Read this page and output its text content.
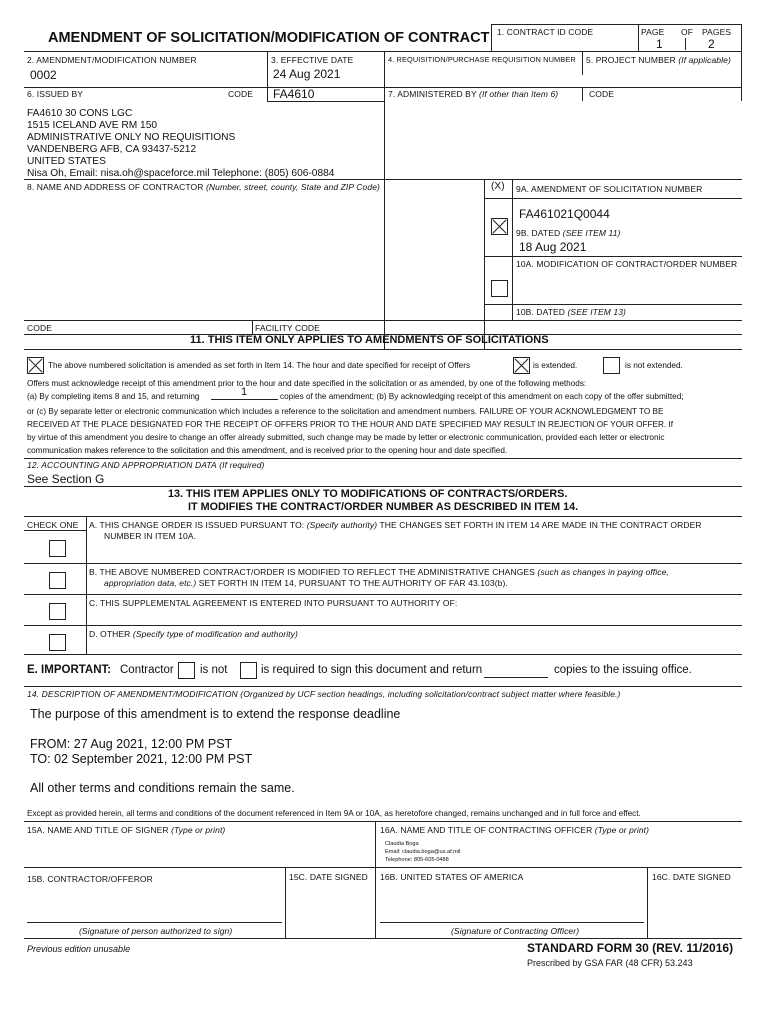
AMENDMENT OF SOLICITATION/MODIFICATION OF CONTRACT 1. CONTRACT ID CODE	PAGE OF PAGES
1	2
2. AMENDMENT/MODIFICATION NUMBER
0002
3. EFFECTIVE DATE
24 Aug 2021
4. REQUISITION/PURCHASE REQUISITION NUMBER 5. PROJECT NUMBER (If applicable)
6. ISSUED BY	CODE FA4610	7. ADMINISTERED BY (If other than Item 6)	CODE
FA4610 30 CONS LGC
1515 ICELAND AVE RM 150
ADMINISTRATIVE ONLY NO REQUISITIONS
VANDENBERG AFB, CA 93437-5212
UNITED STATES
Nisa Oh, Email: nisa.oh@spaceforce.mil Telephone: (805) 606-0884
8. NAME AND ADDRESS OF CONTRACTOR (Number, street, county, State and ZIP Code)	(X) 9A. AMENDMENT OF SOLICITATION NUMBER
FA461021Q0044
9B. DATED (SEE ITEM 11)
18 Aug 2021
10A. MODIFICATION OF CONTRACT/ORDER NUMBER
10B. DATED (SEE ITEM 13)
CODE	FACILITY CODE
11. THIS ITEM ONLY APPLIES TO AMENDMENTS OF SOLICITATIONS
The above numbered solicitation is amended as set forth in Item 14. The hour and date specified for receipt of Offers	is extended.	is not extended.
Offers must acknowledge receipt of this amendment prior to the hour and date specified in the solicitation or as amended, by one of the following methods:
(a) By completing items 8 and 15, and returning	1	copies of the amendment; (b) By acknowledging receipt of this amendment on each copy of the offer submitted;
or (c) By separate letter or electronic communication which includes a reference to the solicitation and amendment numbers. FAILURE OF YOUR ACKNOWLEDGMENT TO BE
RECEIVED AT THE PLACE DESIGNATED FOR THE RECEIPT OF OFFERS PRIOR TO THE HOUR AND DATE SPECIFIED MAY RESULT IN REJECTION OF YOUR OFFER. If
by virtue of this amendment you desire to change an offer already submitted, such change may be made by letter or electronic communication, provided each letter or electronic
communication makes reference to the solicitation and this amendment, and is received prior to the opening hour and date specified.
12. ACCOUNTING AND APPROPRIATION DATA (If required)
See Section G
13. THIS ITEM APPLIES ONLY TO MODIFICATIONS OF CONTRACTS/ORDERS.
IT MODIFIES THE CONTRACT/ORDER NUMBER AS DESCRIBED IN ITEM 14.
CHECK ONE A. THIS CHANGE ORDER IS ISSUED PURSUANT TO: (Specify authority) THE CHANGES SET FORTH IN ITEM 14 ARE MADE IN THE CONTRACT ORDER
NUMBER IN ITEM 10A.
B. THE ABOVE NUMBERED CONTRACT/ORDER IS MODIFIED TO REFLECT THE ADMINISTRATIVE CHANGES (such as changes in paying office,
appropriation data, etc.) SET FORTH IN ITEM 14, PURSUANT TO THE AUTHORITY OF FAR 43.103(b).
C. THIS SUPPLEMENTAL AGREEMENT IS ENTERED INTO PURSUANT TO AUTHORITY OF:
D. OTHER (Specify type of modification and authority)
E. IMPORTANT: Contractor is not	is required to sign this document and return	copies to the issuing office.
14. DESCRIPTION OF AMENDMENT/MODIFICATION (Organized by UCF section headings, including solicitation/contract subject matter where feasible.)
The purpose of this amendment is to extend the response deadline
FROM: 27 Aug 2021, 12:00 PM PST
TO: 02 September 2021, 12:00 PM PST
All other terms and conditions remain the same.
Except as provided herein, all terms and conditions of the document referenced in Item 9A or 10A, as heretofore changed, remains unchanged and in full force and effect.
15A. NAME AND TITLE OF SIGNER (Type or print)	16A. NAME AND TITLE OF CONTRACTING OFFICER (Type or print)
Claudia Boga
Email: claudia.boga@us.af.mil
Telephone: 805-605-0488
15B. CONTRACTOR/OFFEROR	15C. DATE SIGNED 16B. UNITED STATES OF AMERICA	16C. DATE SIGNED
(Signature of person authorized to sign)	(Signature of Contracting Officer)
Previous edition unusable	STANDARD FORM 30 (REV. 11/2016)
Prescribed by GSA FAR (48 CFR) 53.243
